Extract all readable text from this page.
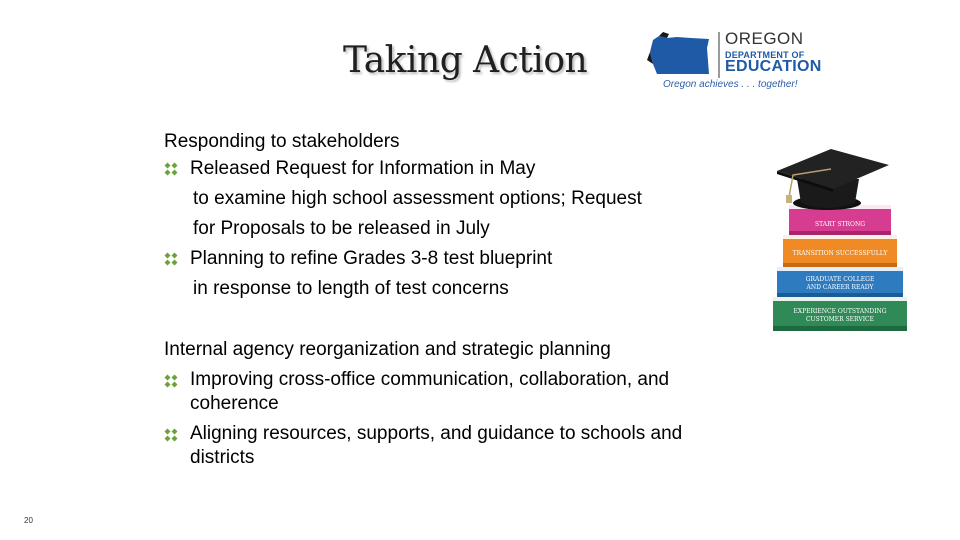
Taking Action
OREGON
DEPARTMENT OF
EDUCATION
Oregon achieves . . . together!
Responding to stakeholders
Released Request for Information in May
to examine high school assessment options; Request
for Proposals to be released in July
Planning to refine Grades 3-8 test blueprint
in response to length of test concerns
Internal agency reorganization and strategic planning
Improving cross-office communication, collaboration, and coherence
Aligning resources, supports, and guidance to schools and districts
EXPERIENCE OUTSTANDING
CUSTOMER SERVICE
GRADUATE COLLEGE
AND CAREER READY
TRANSITION SUCCESSFULLY
START STRONG
20
